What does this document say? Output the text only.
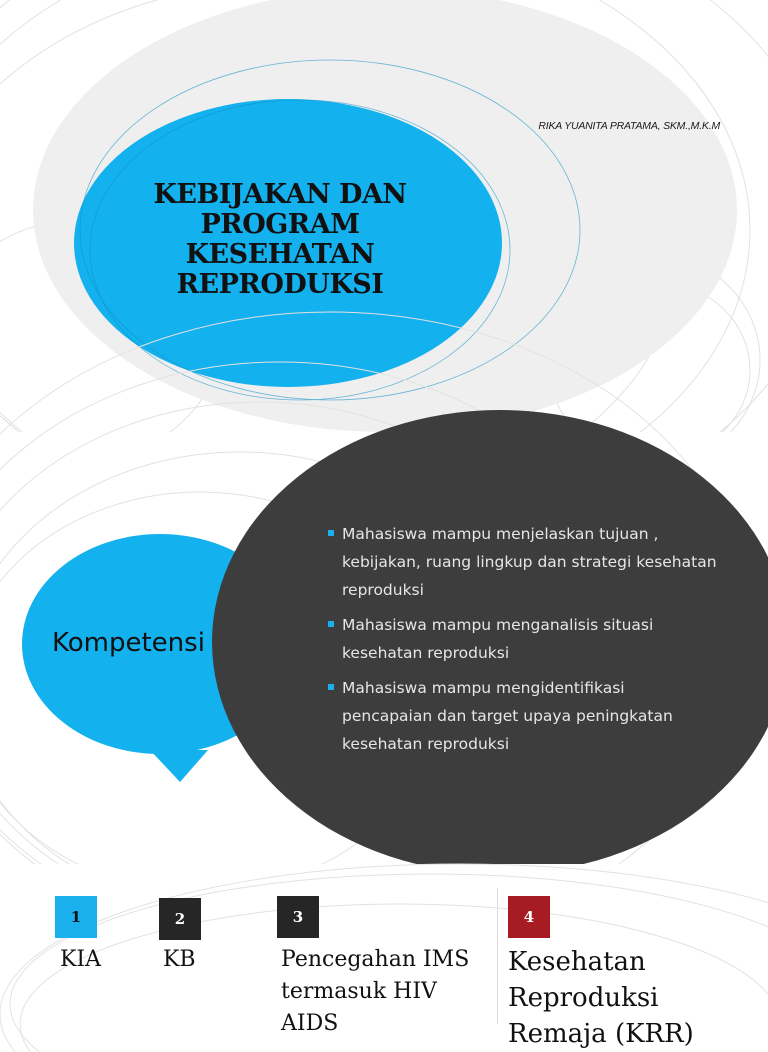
RIKA YUANITA PRATAMA, SKM.,M.K.M
KEBIJAKAN DAN
PROGRAM
KESEHATAN
REPRODUKSI
Kompetensi
Mahasiswa mampu menjelaskan tujuan , kebijakan, ruang lingkup dan strategi kesehatan reproduksi
Mahasiswa mampu menganalisis situasi kesehatan reproduksi
Mahasiswa mampu mengidentifikasi pencapaian dan target upaya peningkatan kesehatan reproduksi
1
KIA
2
KB
3
Pencegahan IMS termasuk HIV AIDS
4
Kesehatan Reproduksi Remaja (KRR)
